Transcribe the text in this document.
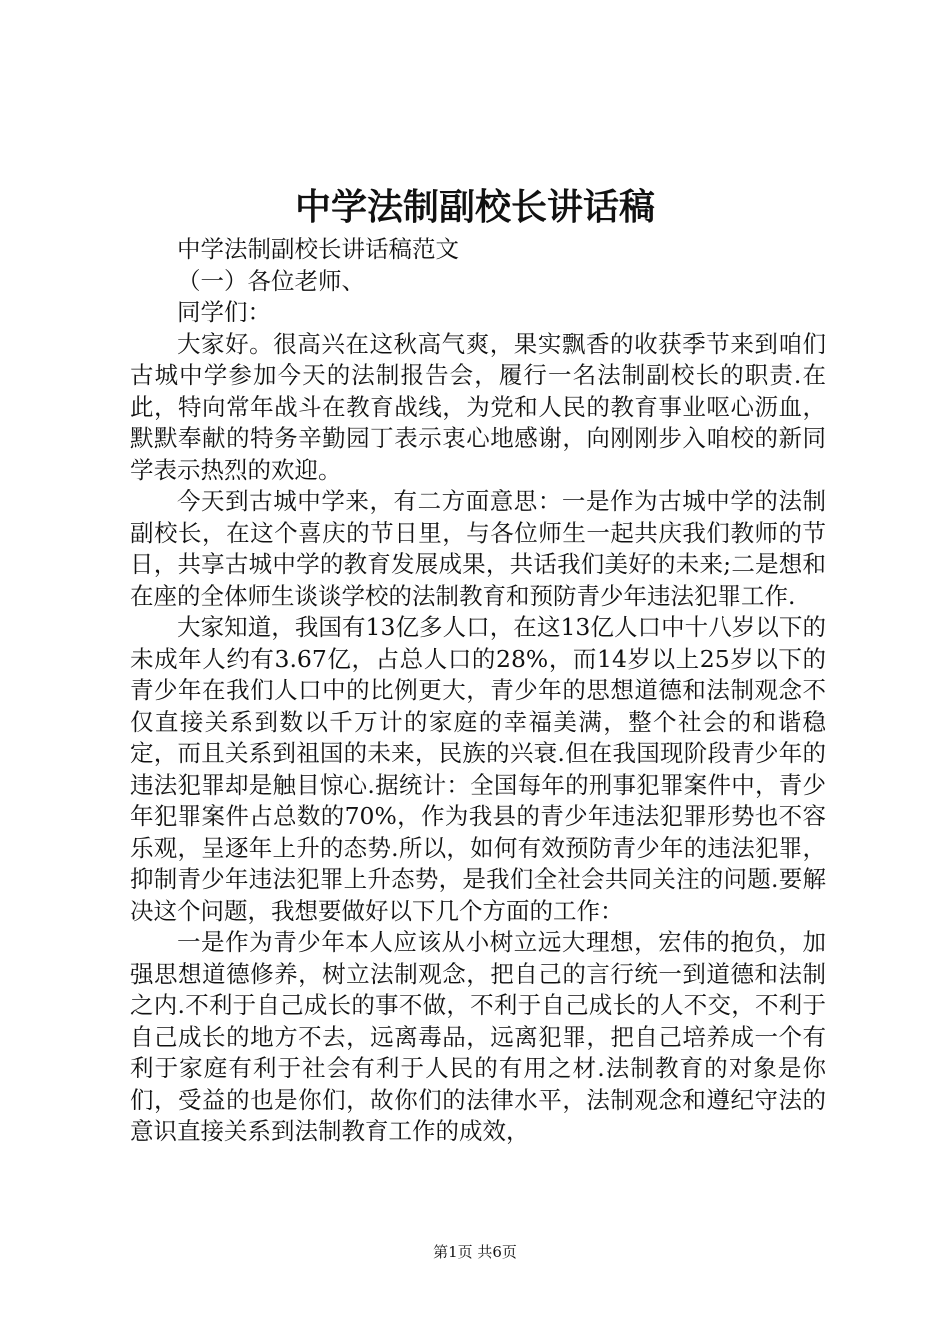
中学法制副校长讲话稿

中学法制副校长讲话稿范文

（一）各位老师、

同学们：

大家好。很高兴在这秋高气爽，果实飘香的收获季节来到咱们古城中学参加今天的法制报告会，履行一名法制副校长的职责.在此，特向常年战斗在教育战线，为党和人民的教育事业呕心沥血，默默奉献的特务辛勤园丁表示衷心地感谢，向刚刚步入咱校的新同学表示热烈的欢迎。

今天到古城中学来，有二方面意思：一是作为古城中学的法制副校长，在这个喜庆的节日里，与各位师生一起共庆我们教师的节日，共享古城中学的教育发展成果，共话我们美好的未来;二是想和在座的全体师生谈谈学校的法制教育和预防青少年违法犯罪工作.

大家知道，我国有13亿多人口，在这13亿人口中十八岁以下的未成年人约有3.67亿，占总人口的28%，而14岁以上25岁以下的青少年在我们人口中的比例更大，青少年的思想道德和法制观念不仅直接关系到数以千万计的家庭的幸福美满，整个社会的和谐稳定，而且关系到祖国的未来，民族的兴衰.但在我国现阶段青少年的违法犯罪却是触目惊心.据统计：全国每年的刑事犯罪案件中，青少年犯罪案件占总数的70%，作为我县的青少年违法犯罪形势也不容乐观，呈逐年上升的态势.所以，如何有效预防青少年的违法犯罪，抑制青少年违法犯罪上升态势，是我们全社会共同关注的问题.要解决这个问题，我想要做好以下几个方面的工作：

一是作为青少年本人应该从小树立远大理想，宏伟的抱负，加强思想道德修养，树立法制观念，把自己的言行统一到道德和法制之内.不利于自己成长的事不做，不利于自己成长的人不交，不利于自己成长的地方不去，远离毒品，远离犯罪，把自己培养成一个有利于家庭有利于社会有利于人民的有用之材.法制教育的对象是你们，受益的也是你们，故你们的法律水平，法制观念和遵纪守法的意识直接关系到法制教育工作的成效，

第1页 共6页
